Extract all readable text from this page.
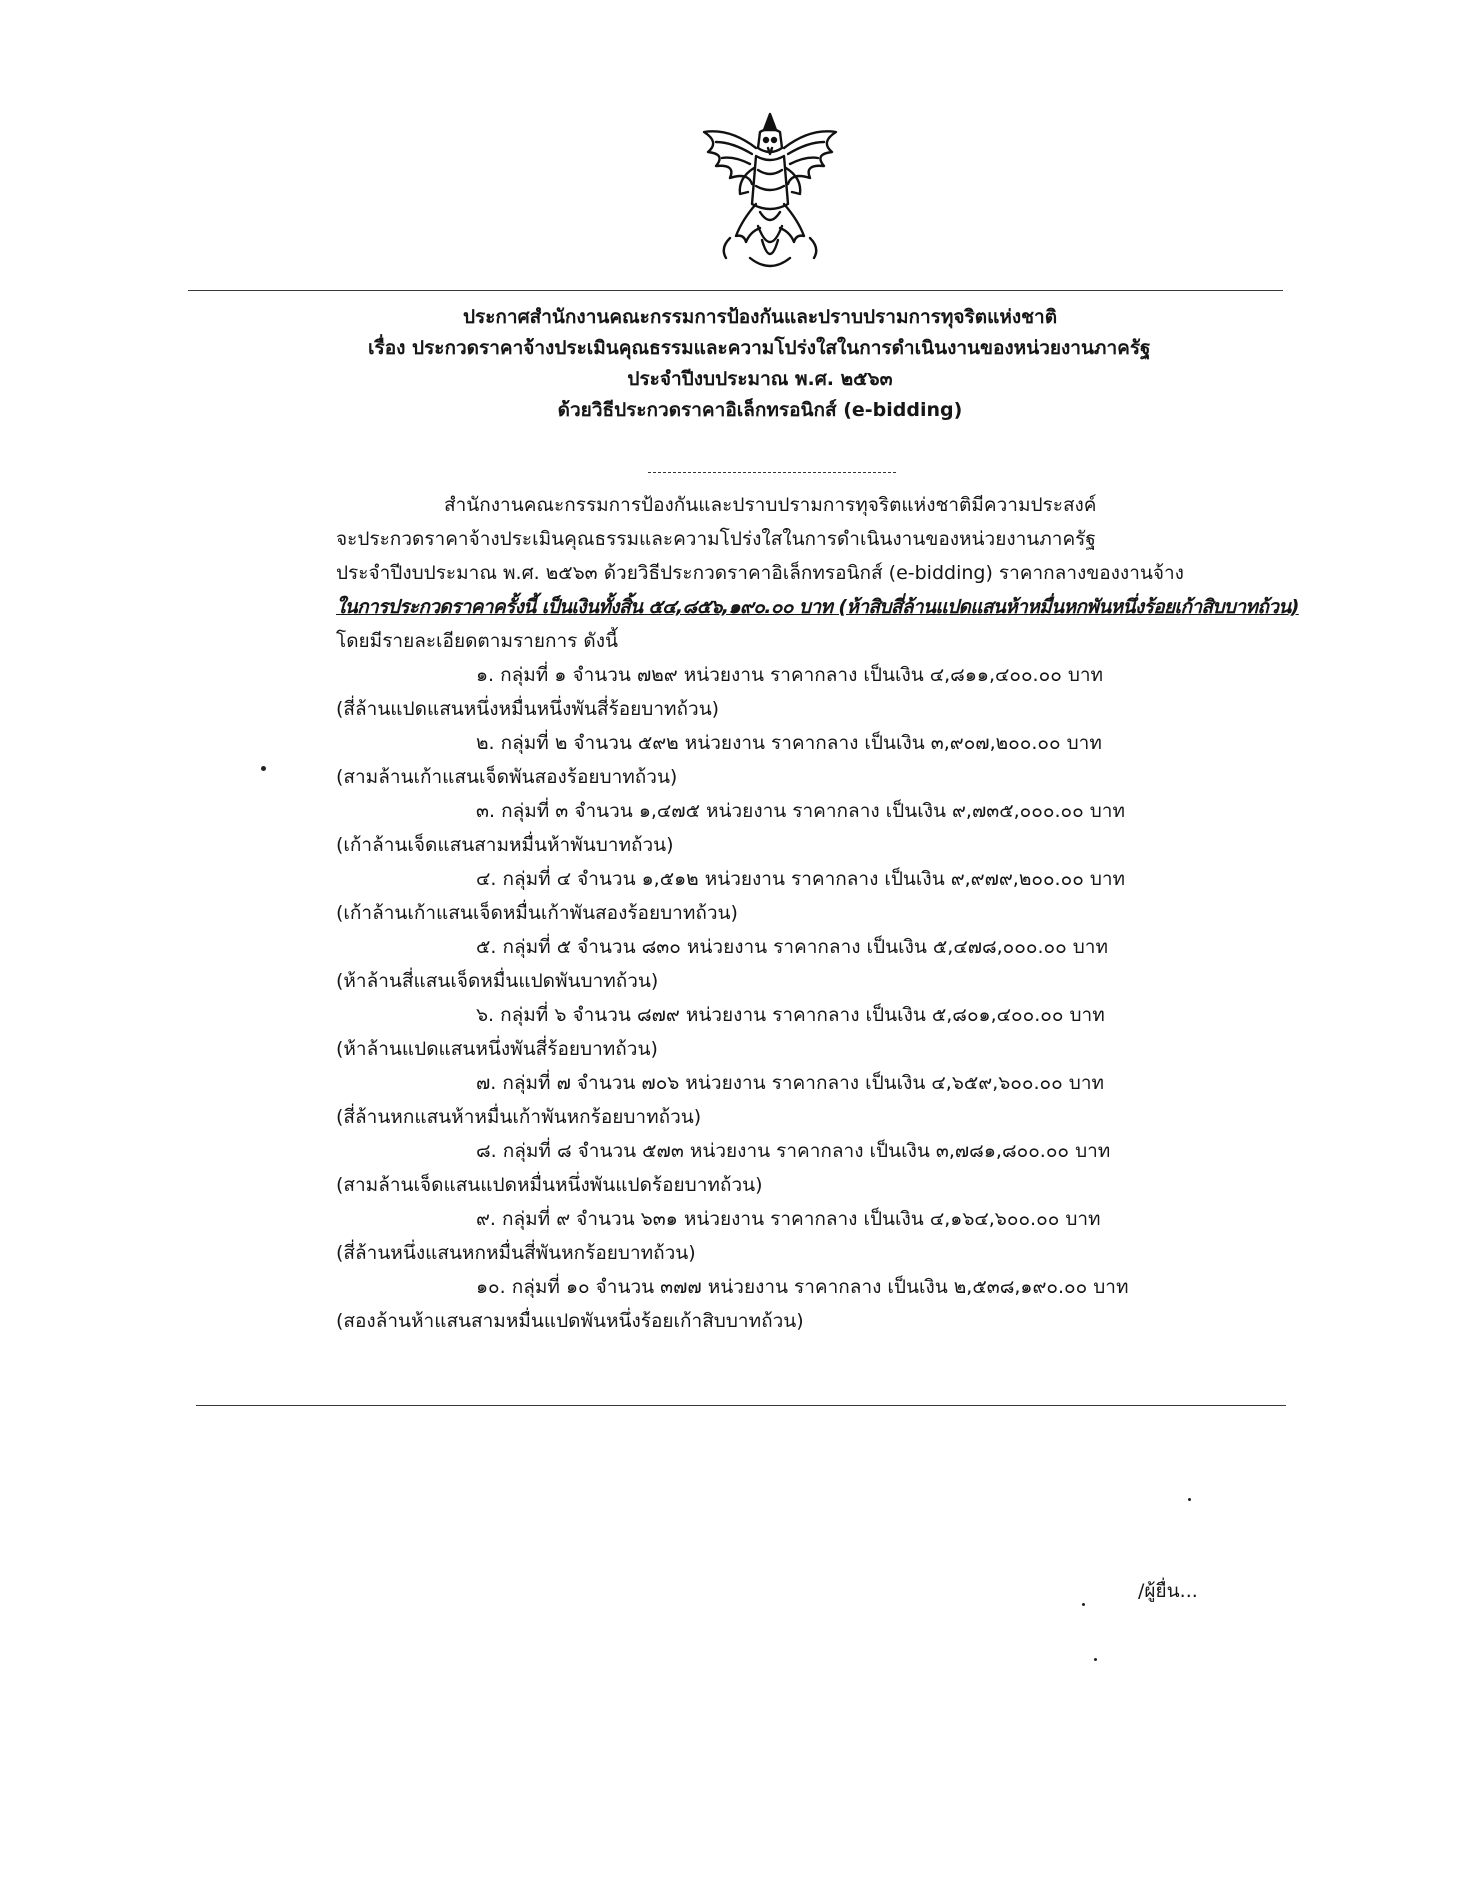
ประกาศสำนักงานคณะกรรมการป้องกันและปราบปรามการทุจริตแห่งชาติ
เรื่อง ประกวดราคาจ้างประเมินคุณธรรมและความโปร่งใสในการดำเนินงานของหน่วยงานภาครัฐ
ประจำปีงบประมาณ พ.ศ. ๒๕๖๓
ด้วยวิธีประกวดราคาอิเล็กทรอนิกส์ (e-bidding)
สำนักงานคณะกรรมการป้องกันและปราบปรามการทุจริตแห่งชาติมีความประสงค์
จะประกวดราคาจ้างประเมินคุณธรรมและความโปร่งใสในการดำเนินงานของหน่วยงานภาครัฐ
ประจำปีงบประมาณ พ.ศ. ๒๕๖๓ ด้วยวิธีประกวดราคาอิเล็กทรอนิกส์ (e-bidding) ราคากลางของงานจ้าง
ในการประกวดราคาครั้งนี้ เป็นเงินทั้งสิ้น ๕๔,๘๕๖,๑๙๐.๐๐ บาท (ห้าสิบสี่ล้านแปดแสนห้าหมื่นหกพันหนึ่งร้อยเก้าสิบบาทถ้วน)
โดยมีรายละเอียดตามรายการ ดังนี้
๑. กลุ่มที่ ๑ จำนวน ๗๒๙ หน่วยงาน ราคากลาง เป็นเงิน ๔,๘๑๑,๔๐๐.๐๐ บาท
(สี่ล้านแปดแสนหนึ่งหมื่นหนึ่งพันสี่ร้อยบาทถ้วน)
๒. กลุ่มที่ ๒ จำนวน ๕๙๒ หน่วยงาน ราคากลาง เป็นเงิน ๓,๙๐๗,๒๐๐.๐๐ บาท
(สามล้านเก้าแสนเจ็ดพันสองร้อยบาทถ้วน)
๓. กลุ่มที่ ๓ จำนวน ๑,๔๗๕ หน่วยงาน ราคากลาง เป็นเงิน ๙,๗๓๕,๐๐๐.๐๐ บาท
(เก้าล้านเจ็ดแสนสามหมื่นห้าพันบาทถ้วน)
๔. กลุ่มที่ ๔ จำนวน ๑,๕๑๒ หน่วยงาน ราคากลาง เป็นเงิน ๙,๙๗๙,๒๐๐.๐๐ บาท
(เก้าล้านเก้าแสนเจ็ดหมื่นเก้าพันสองร้อยบาทถ้วน)
๕. กลุ่มที่ ๕ จำนวน ๘๓๐ หน่วยงาน ราคากลาง เป็นเงิน ๕,๔๗๘,๐๐๐.๐๐ บาท
(ห้าล้านสี่แสนเจ็ดหมื่นแปดพันบาทถ้วน)
๖. กลุ่มที่ ๖ จำนวน ๘๗๙ หน่วยงาน ราคากลาง เป็นเงิน ๕,๘๐๑,๔๐๐.๐๐ บาท
(ห้าล้านแปดแสนหนึ่งพันสี่ร้อยบาทถ้วน)
๗. กลุ่มที่ ๗ จำนวน ๗๐๖ หน่วยงาน ราคากลาง เป็นเงิน ๔,๖๕๙,๖๐๐.๐๐ บาท
(สี่ล้านหกแสนห้าหมื่นเก้าพันหกร้อยบาทถ้วน)
๘. กลุ่มที่ ๘ จำนวน ๕๗๓ หน่วยงาน ราคากลาง เป็นเงิน ๓,๗๘๑,๘๐๐.๐๐ บาท
(สามล้านเจ็ดแสนแปดหมื่นหนึ่งพันแปดร้อยบาทถ้วน)
๙. กลุ่มที่ ๙ จำนวน ๖๓๑ หน่วยงาน ราคากลาง เป็นเงิน ๔,๑๖๔,๖๐๐.๐๐ บาท
(สี่ล้านหนึ่งแสนหกหมื่นสี่พันหกร้อยบาทถ้วน)
๑๐. กลุ่มที่ ๑๐ จำนวน ๓๗๗ หน่วยงาน ราคากลาง เป็นเงิน ๒,๕๓๘,๑๙๐.๐๐ บาท
(สองล้านห้าแสนสามหมื่นแปดพันหนึ่งร้อยเก้าสิบบาทถ้วน)
/ผู้ยื่น...
